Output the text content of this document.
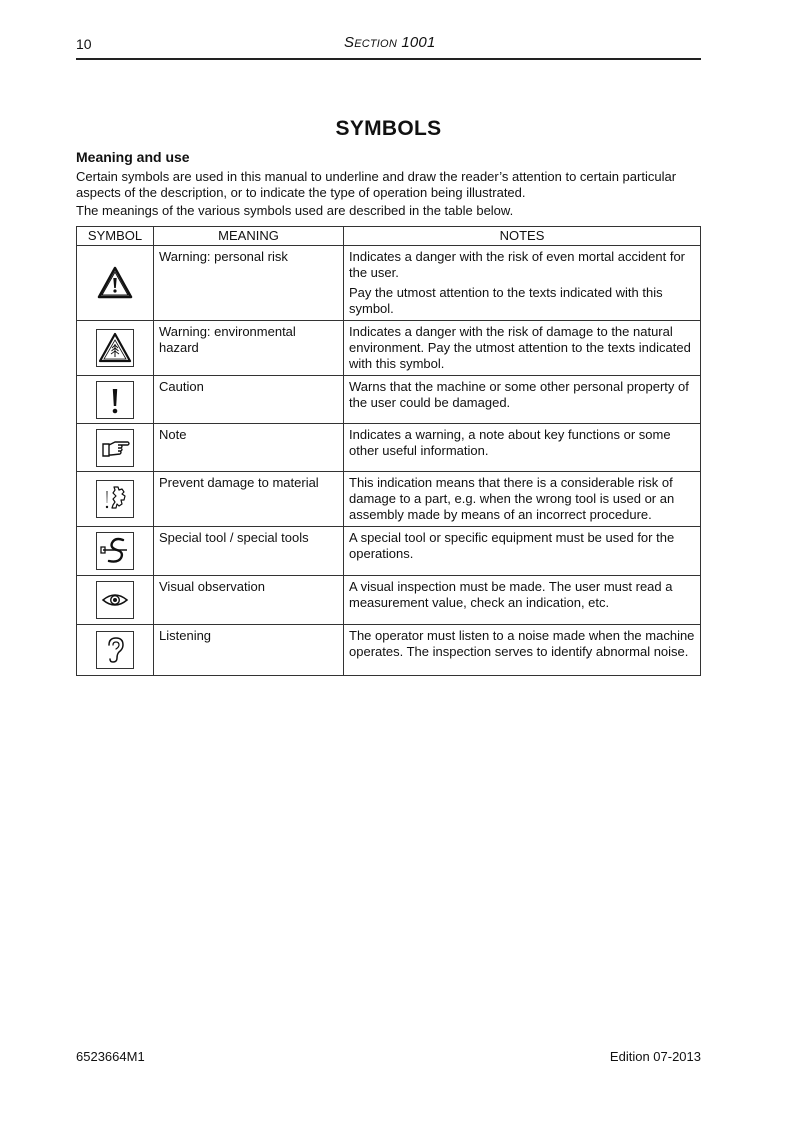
10	Section 1001
SYMBOLS
Meaning and use

Certain symbols are used in this manual to underline and draw the reader’s attention to certain particular aspects of the description, or to indicate the type of operation being illustrated.

The meanings of the various symbols used are described in the table below.

SYMBOL	MEANING	NOTES

	Warning: personal risk	Indicates a danger with the risk of even mortal accident for the user.

Pay the utmost attention to the texts indicated with this symbol.

	Warning: environmental hazard	Indicates a danger with the risk of damage to the natural environment. Pay the utmost attention to the texts indicated with this symbol.

	Caution	Warns that the machine or some other personal property of the user could be damaged.

	Note	Indicates a warning, a note about key functions or some other useful information.

	Prevent damage to material	This indication means that there is a considerable risk of damage to a part, e.g. when the wrong tool is used or an assembly made by means of an incorrect procedure.

	Special tool / special tools	A special tool or specific equipment must be used for the operations.

	Visual observation	A visual inspection must be made. The user must read a measurement value, check an indication, etc.

	Listening	The operator must listen to a noise made when the machine operates. The inspection serves to identify abnormal noise.

6523664M1	Edition 07-2013
